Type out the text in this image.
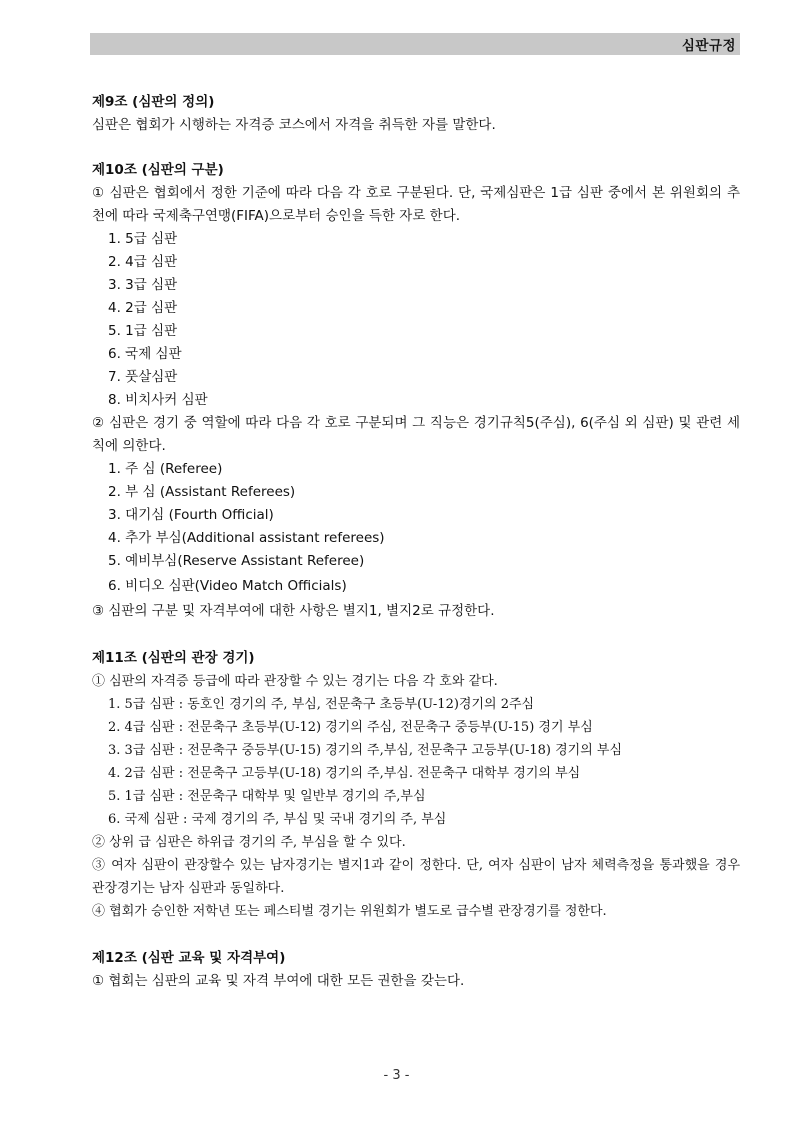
심판규정
제9조 (심판의 정의)
심판은 협회가 시행하는 자격증 코스에서 자격을 취득한 자를 말한다.
제10조 (심판의 구분)
① 심판은 협회에서 정한 기준에 따라 다음 각 호로 구분된다. 단, 국제심판은 1급 심판 중에서 본 위원회의 추천에 따라 국제축구연맹(FIFA)으로부터 승인을 득한 자로 한다.
1. 5급 심판
2. 4급 심판
3. 3급 심판
4. 2급 심판
5. 1급 심판
6. 국제 심판
7. 풋살심판
8. 비치사커 심판
② 심판은 경기 중 역할에 따라 다음 각 호로 구분되며 그 직능은 경기규칙5(주심), 6(주심 외 심판) 및 관련 세칙에 의한다.
1. 주 심 (Referee)
2. 부 심 (Assistant Referees)
3. 대기심 (Fourth Official)
4. 추가 부심(Additional assistant referees)
5. 예비부심(Reserve Assistant Referee)
6. 비디오 심판(Video Match Officials)
③ 심판의 구분 및 자격부여에 대한 사항은 별지1, 별지2로 규정한다.
제11조 (심판의 관장 경기)
① 심판의 자격증 등급에 따라 관장할 수 있는 경기는 다음 각 호와 같다.
1. 5급 심판 : 동호인 경기의 주, 부심, 전문축구 초등부(U-12)경기의 2주심
2. 4급 심판 : 전문축구 초등부(U-12) 경기의 주심, 전문축구 중등부(U-15) 경기 부심
3. 3급 심판 : 전문축구 중등부(U-15) 경기의 주,부심, 전문축구 고등부(U-18) 경기의 부심
4. 2급 심판 : 전문축구 고등부(U-18) 경기의 주,부심. 전문축구 대학부 경기의 부심
5. 1급 심판 : 전문축구 대학부 및 일반부 경기의 주,부심
6. 국제 심판 : 국제 경기의 주, 부심 및 국내 경기의 주, 부심
② 상위 급 심판은 하위급 경기의 주, 부심을 할 수 있다.
③ 여자 심판이 관장할수 있는 남자경기는 별지1과 같이 정한다. 단, 여자 심판이 남자 체력측정을 통과했을 경우 관장경기는 남자 심판과 동일하다.
④ 협회가 승인한 저학년 또는 페스티벌 경기는 위원회가 별도로 급수별 관장경기를 정한다.
제12조 (심판 교육 및 자격부여)
① 협회는 심판의 교육 및 자격 부여에 대한 모든 권한을 갖는다.
- 3 -
